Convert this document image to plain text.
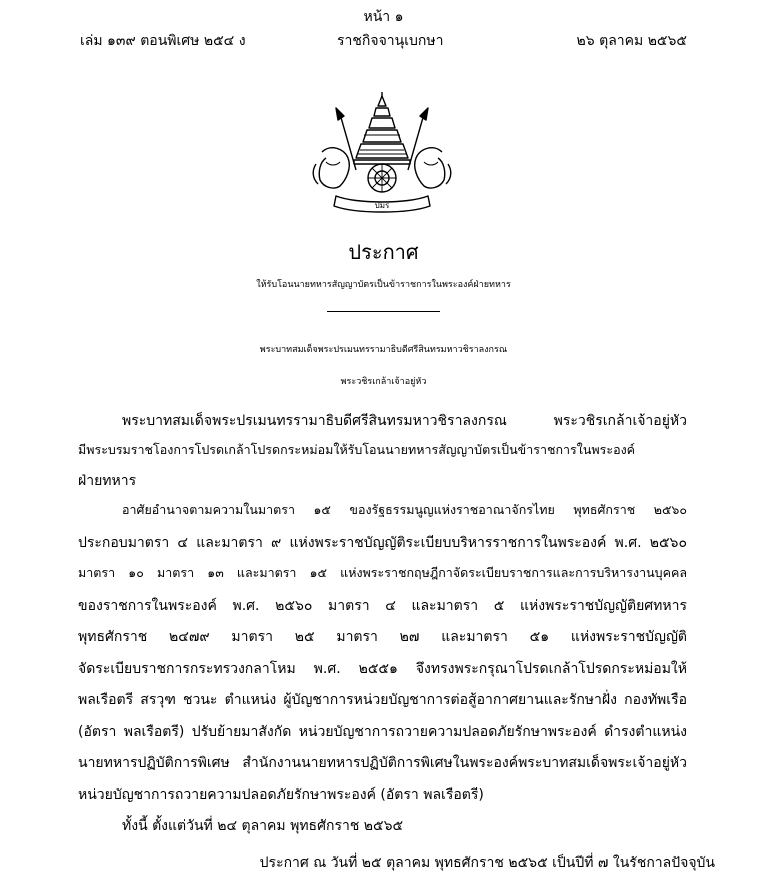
หน้า ๑
เล่ม ๑๓๙ ตอนพิเศษ ๒๕๔ ง	ราชกิจจานุเบกษา	๒๖ ตุลาคม ๒๕๖๕
ปมร
ประกาศ
ให้รับโอนนายทหารสัญญาบัตรเป็นข้าราชการในพระองค์ฝ่ายทหาร
พระบาทสมเด็จพระปรเมนทรรามาธิบดีศรีสินทรมหาวชิราลงกรณ
พระวชิรเกล้าเจ้าอยู่หัว
พระบาทสมเด็จพระปรเมนทรรามาธิบดีศรีสินทรมหาวชิราลงกรณ พระวชิรเกล้าเจ้าอยู่หัว
มีพระบรมราชโองการโปรดเกล้าโปรดกระหม่อมให้รับโอนนายทหารสัญญาบัตรเป็นข้าราชการในพระองค์
ฝ่ายทหาร
อาศัยอำนาจตามความในมาตรา ๑๕ ของรัฐธรรมนูญแห่งราชอาณาจักรไทย พุทธศักราช ๒๕๖๐
ประกอบมาตรา ๔ และมาตรา ๙ แห่งพระราชบัญญัติระเบียบบริหารราชการในพระองค์ พ.ศ. ๒๕๖๐
มาตรา ๑๐ มาตรา ๑๓ และมาตรา ๑๕ แห่งพระราชกฤษฎีกาจัดระเบียบราชการและการบริหารงานบุคคล
ของราชการในพระองค์ พ.ศ. ๒๕๖๐ มาตรา ๔ และมาตรา ๕ แห่งพระราชบัญญัติยศทหาร
พุทธศักราช ๒๔๗๙ มาตรา ๒๕ มาตรา ๒๗ และมาตรา ๕๑ แห่งพระราชบัญญัติ
จัดระเบียบราชการกระทรวงกลาโหม พ.ศ. ๒๕๕๑ จึงทรงพระกรุณาโปรดเกล้าโปรดกระหม่อมให้
พลเรือตรี สรวุฑ ชวนะ ตำแหน่ง ผู้บัญชาการหน่วยบัญชาการต่อสู้อากาศยานและรักษาฝั่ง กองทัพเรือ
(อัตรา พลเรือตรี) ปรับย้ายมาสังกัด หน่วยบัญชาการถวายความปลอดภัยรักษาพระองค์ ดำรงตำแหน่ง
นายทหารปฏิบัติการพิเศษ สำนักงานนายทหารปฏิบัติการพิเศษในพระองค์พระบาทสมเด็จพระเจ้าอยู่หัว
หน่วยบัญชาการถวายความปลอดภัยรักษาพระองค์ (อัตรา พลเรือตรี)
ทั้งนี้ ตั้งแต่วันที่ ๒๔ ตุลาคม พุทธศักราช ๒๕๖๕
ประกาศ ณ วันที่ ๒๕ ตุลาคม พุทธศักราช ๒๕๖๕ เป็นปีที่ ๗ ในรัชกาลปัจจุบัน
